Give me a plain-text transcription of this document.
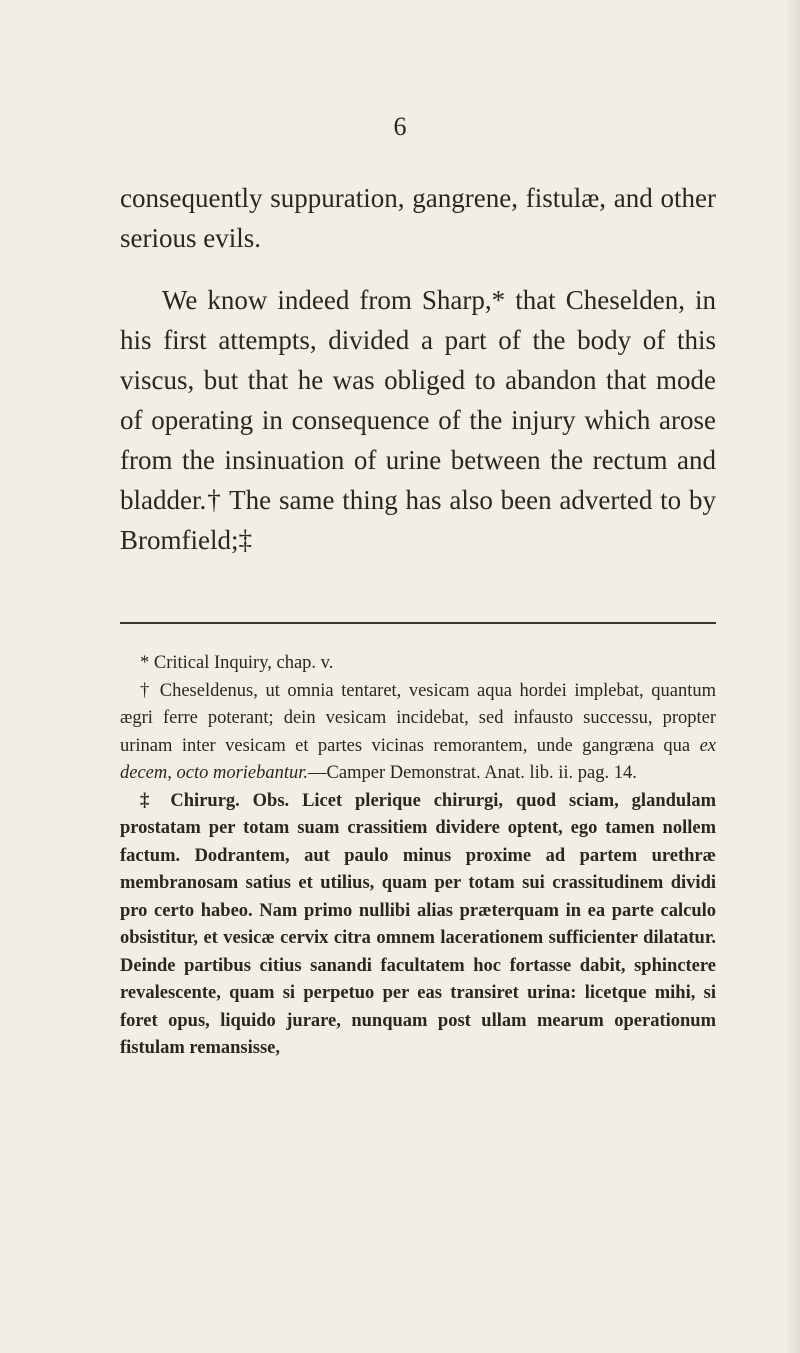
6

consequently suppuration, gangrene, fistulæ, and other serious evils.

We know indeed from Sharp,* that Cheselden, in his first attempts, divided a part of the body of this viscus, but that he was obliged to abandon that mode of operating in consequence of the injury which arose from the insinuation of urine between the rectum and bladder.† The same thing has also been adverted to by Bromfield;‡

* Critical Inquiry, chap. v.

† Cheseldenus, ut omnia tentaret, vesicam aqua hordei implebat, quantum ægri ferre poterant; dein vesicam incidebat, sed infausto successu, propter urinam inter vesicam et partes vicinas remorantem, unde gangræna qua ex decem, octo moriebantur.—Camper Demonstrat. Anat. lib. ii. pag. 14.

‡ Chirurg. Obs. Licet plerique chirurgi, quod sciam, glandulam prostatam per totam suam crassitiem dividere optent, ego tamen nollem factum. Dodrantem, aut paulo minus proxime ad partem urethræ membranosam satius et utilius, quam per totam sui crassitudinem dividi pro certo habeo. Nam primo nullibi alias præterquam in ea parte calculo obsistitur, et vesicæ cervix citra omnem lacerationem sufficienter dilatatur. Deinde partibus citius sanandi facultatem hoc fortasse dabit, sphinctere revalescente, quam si perpetuo per eas transiret urina: licetque mihi, si foret opus, liquido jurare, nunquam post ullam mearum operationum fistulam remansisse,
